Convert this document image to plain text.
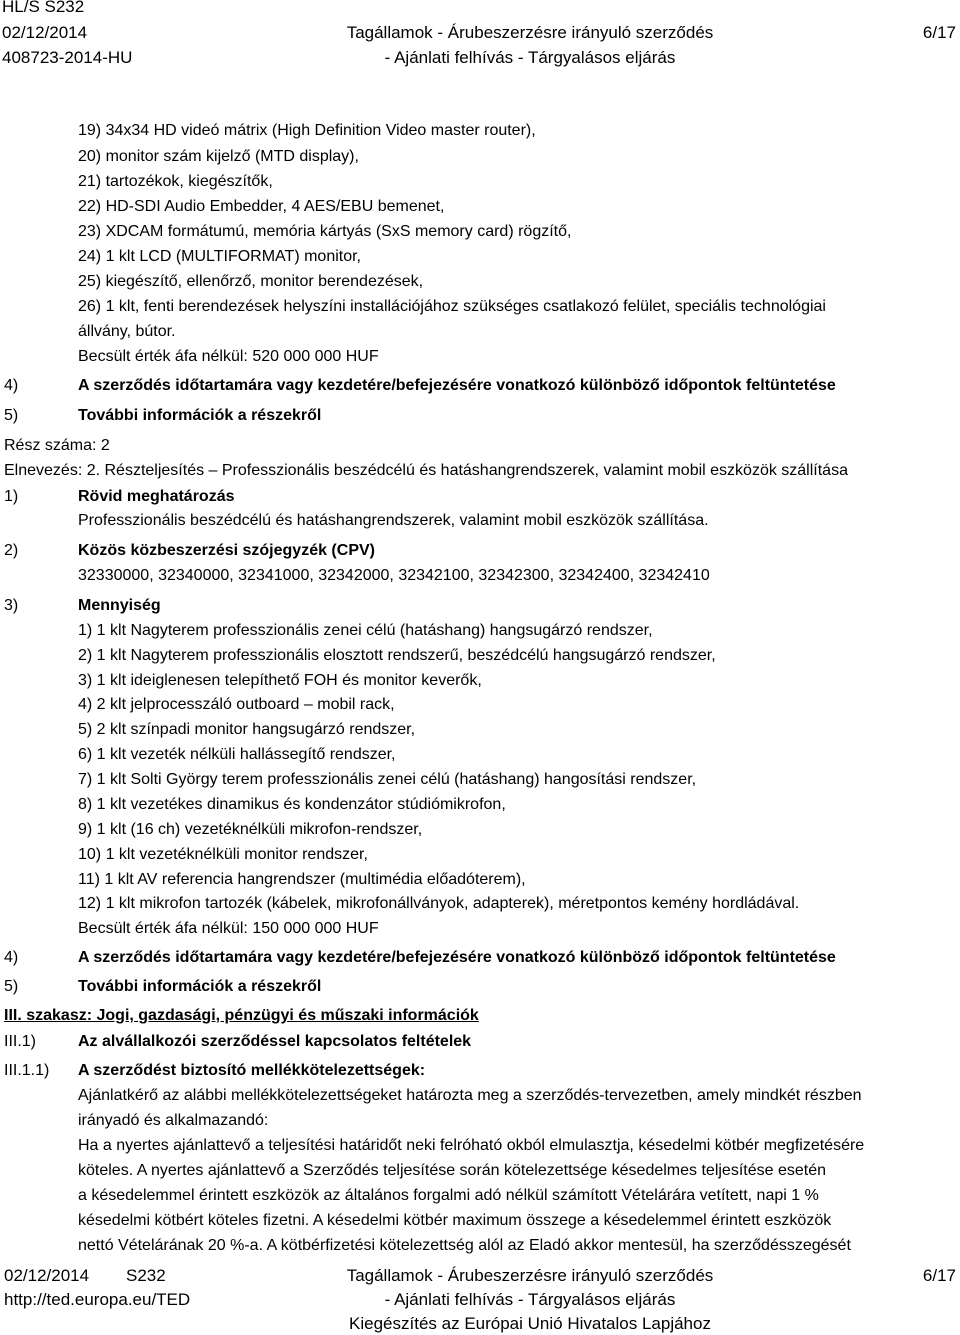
HL/S S232
02/12/2014
408723-2014-HU
Tagállamok - Árubeszerzésre irányuló szerződés
- Ajánlati felhívás - Tárgyalásos eljárás
6/17
19) 34x34 HD videó mátrix (High Definition Video master router),
20) monitor szám kijelző (MTD display),
21) tartozékok, kiegészítők,
22) HD-SDI Audio Embedder, 4 AES/EBU bemenet,
23) XDCAM formátumú, memória kártyás (SxS memory card) rögzítő,
24) 1 klt LCD (MULTIFORMAT) monitor,
25) kiegészítő, ellenőrző, monitor berendezések,
26) 1 klt, fenti berendezések helyszíni installációjához szükséges csatlakozó felület, speciális technológiai
állvány, bútor.
Becsült érték áfa nélkül: 520 000 000 HUF
4)	A szerződés időtartamára vagy kezdetére/befejezésére vonatkozó különböző időpontok feltüntetése
5)	További információk a részekről
Rész száma: 2
Elnevezés: 2. Részteljesítés – Professzionális beszédcélú és hatáshangrendszerek, valamint mobil eszközök szállítása
1)	Rövid meghatározás
Professzionális beszédcélú és hatáshangrendszerek, valamint mobil eszközök szállítása.
2)	Közös közbeszerzési szójegyzék (CPV)
32330000, 32340000, 32341000, 32342000, 32342100, 32342300, 32342400, 32342410
3)	Mennyiség
1) 1 klt Nagyterem professzionális zenei célú (hatáshang) hangsugárzó rendszer,
2) 1 klt Nagyterem professzionális elosztott rendszerű, beszédcélú hangsugárzó rendszer,
3) 1 klt ideiglenesen telepíthető FOH és monitor keverők,
4) 2 klt jelprocesszáló outboard – mobil rack,
5) 2 klt színpadi monitor hangsugárzó rendszer,
6) 1 klt vezeték nélküli hallássegítő rendszer,
7) 1 klt Solti György terem professzionális zenei célú (hatáshang) hangosítási rendszer,
8) 1 klt vezetékes dinamikus és kondenzátor stúdiómikrofon,
9) 1 klt (16 ch) vezetéknélküli mikrofon-rendszer,
10) 1 klt vezetéknélküli monitor rendszer,
11) 1 klt AV referencia hangrendszer (multimédia előadóterem),
12) 1 klt mikrofon tartozék (kábelek, mikrofonállványok, adapterek), méretpontos kemény hordládával.
Becsült érték áfa nélkül: 150 000 000 HUF
4)	A szerződés időtartamára vagy kezdetére/befejezésére vonatkozó különböző időpontok feltüntetése
5)	További információk a részekről
III. szakasz: Jogi, gazdasági, pénzügyi és műszaki információk
III.1)	Az alvállalkozói szerződéssel kapcsolatos feltételek
III.1.1) A szerződést biztosító mellékkötelezettségek:
Ajánlatkérő az alábbi mellékkötelezettségeket határozta meg a szerződés-tervezetben, amely mindkét részben
irányadó és alkalmazandó:
Ha a nyertes ajánlattevő a teljesítési határidőt neki felróható okból elmulasztja, késedelmi kötbér megfizetésére
köteles. A nyertes ajánlattevő a Szerződés teljesítése során kötelezettsége késedelmes teljesítése esetén
a késedelemmel érintett eszközök az általános forgalmi adó nélkül számított Vételárára vetített, napi 1 %
késedelmi kötbért köteles fizetni. A késedelmi kötbér maximum összege a késedelemmel érintett eszközök
nettó Vételárának 20 %-a. A kötbérfizetési kötelezettség alól az Eladó akkor mentesül, ha szerződésszegését
02/12/2014 S232
http://ted.europa.eu/TED
Tagállamok - Árubeszerzésre irányuló szerződés
- Ajánlati felhívás - Tárgyalásos eljárás
Kiegészítés az Európai Unió Hivatalos Lapjához
6/17
